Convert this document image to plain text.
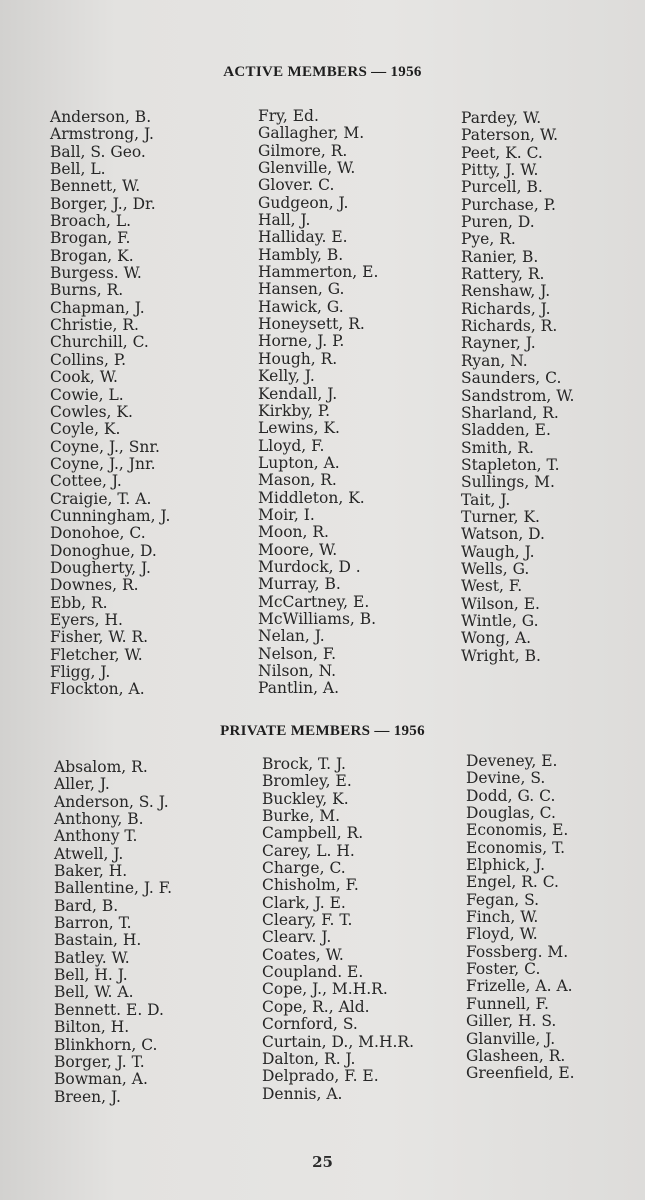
ACTIVE MEMBERS — 1956
Anderson, B.
Armstrong, J.
Ball, S. Geo.
Bell, L.
Bennett, W.
Borger, J., Dr.
Broach, L.
Brogan, F.
Brogan, K.
Burgess. W.
Burns, R.
Chapman, J.
Christie, R.
Churchill, C.
Collins, P.
Cook, W.
Cowie, L.
Cowles, K.
Coyle, K.
Coyne, J., Snr.
Coyne, J., Jnr.
Cottee, J.
Craigie, T. A.
Cunningham, J.
Donohoe, C.
Donoghue, D.
Dougherty, J.
Downes, R.
Ebb, R.
Eyers, H.
Fisher, W. R.
Fletcher, W.
Fligg, J.
Flockton, A.
Fry, Ed.
Gallagher, M.
Gilmore, R.
Glenville, W.
Glover. C.
Gudgeon, J.
Hall, J.
Halliday. E.
Hambly, B.
Hammerton, E.
Hansen, G.
Hawick, G.
Honeysett, R.
Horne, J. P.
Hough, R.
Kelly, J.
Kendall, J.
Kirkby, P.
Lewins, K.
Lloyd, F.
Lupton, A.
Mason, R.
Middleton, K.
Moir, I.
Moon, R.
Moore, W.
Murdock, D .
Murray, B.
McCartney, E.
McWilliams, B.
Nelan, J.
Nelson, F.
Nilson, N.
Pantlin, A.
Pardey, W.
Paterson, W.
Peet, K. C.
Pitty, J. W.
Purcell, B.
Purchase, P.
Puren, D.
Pye, R.
Ranier, B.
Rattery, R.
Renshaw, J.
Richards, J.
Richards, R.
Rayner, J.
Ryan, N.
Saunders, C.
Sandstrom, W.
Sharland, R.
Sladden, E.
Smith, R.
Stapleton, T.
Sullings, M.
Tait, J.
Turner, K.
Watson, D.
Waugh, J.
Wells, G.
West, F.
Wilson, E.
Wintle, G.
Wong, A.
Wright, B.
PRIVATE MEMBERS — 1956
Absalom, R.
Aller, J.
Anderson, S. J.
Anthony, B.
Anthony T.
Atwell, J.
Baker, H.
Ballentine, J. F.
Bard, B.
Barron, T.
Bastain, H.
Batley. W.
Bell, H. J.
Bell, W. A.
Bennett. E. D.
Bilton, H.
Blinkhorn, C.
Borger, J. T.
Bowman, A.
Breen, J.
Brock, T. J.
Bromley, E.
Buckley, K.
Burke, M.
Campbell, R.
Carey, L. H.
Charge, C.
Chisholm, F.
Clark, J. E.
Cleary, F. T.
Clearv. J.
Coates, W.
Coupland. E.
Cope, J., M.H.R.
Cope, R., Ald.
Cornford, S.
Curtain, D., M.H.R.
Dalton, R. J.
Delprado, F. E.
Dennis, A.
Deveney, E.
Devine, S.
Dodd, G. C.
Douglas, C.
Economis, E.
Economis, T.
Elphick, J.
Engel, R. C.
Fegan, S.
Finch, W.
Floyd, W.
Fossberg. M.
Foster, C.
Frizelle, A. A.
Funnell, F.
Giller, H. S.
Glanville, J.
Glasheen, R.
Greenfield, E.
25
